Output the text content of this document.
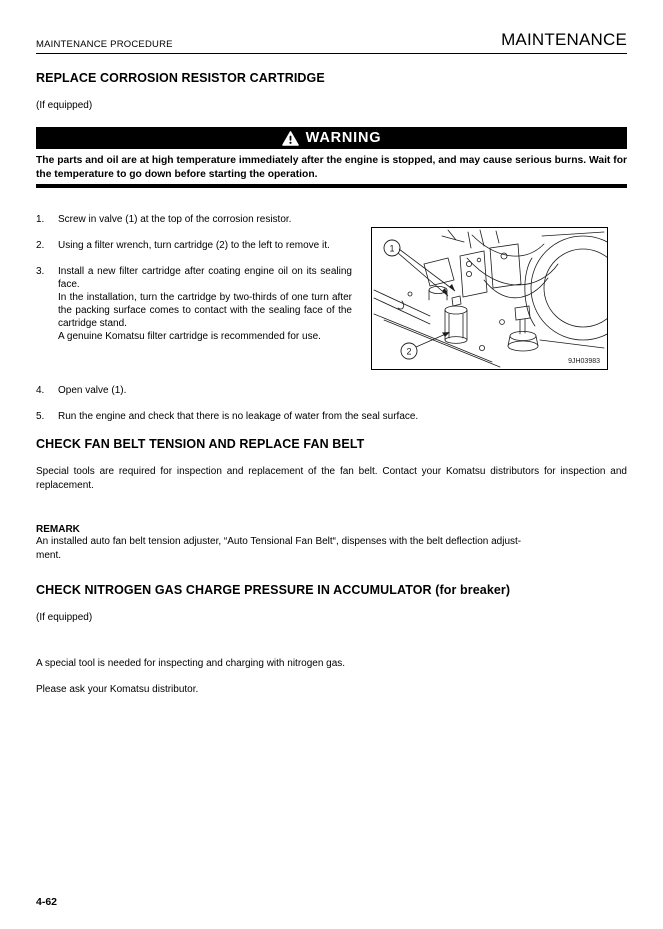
MAINTENANCE PROCEDURE	MAINTENANCE
REPLACE CORROSION RESISTOR CARTRIDGE
(If equipped)
WARNING
The parts and oil are at high temperature immediately after the engine is stopped, and may cause serious burns. Wait for the temperature to go down before starting the operation.
1.	Screw in valve (1) at the top of the corrosion resistor.
2.	Using a filter wrench, turn cartridge (2) to the left to remove it.
3.	Install a new filter cartridge after coating engine oil on its sealing face.
In the installation, turn the cartridge by two-thirds of one turn after the packing surface comes to contact with the sealing face of the cartridge stand.
A genuine Komatsu filter cartridge is recommended for use.
1
2
9JH03983
4.	Open valve (1).
5.	Run the engine and check that there is no leakage of water from the seal surface.
CHECK FAN BELT TENSION AND REPLACE FAN BELT
Special tools are required for inspection and replacement of the fan belt. Contact your Komatsu distributors for inspection and replacement.
REMARK
An installed auto fan belt tension adjuster, “Auto Tensional Fan Belt“, dispenses with the belt deflection adjust-
ment.
CHECK NITROGEN GAS CHARGE PRESSURE IN ACCUMULATOR (for breaker)
(If equipped)
A special tool is needed for inspecting and charging with nitrogen gas.
Please ask your Komatsu distributor.
4-62
